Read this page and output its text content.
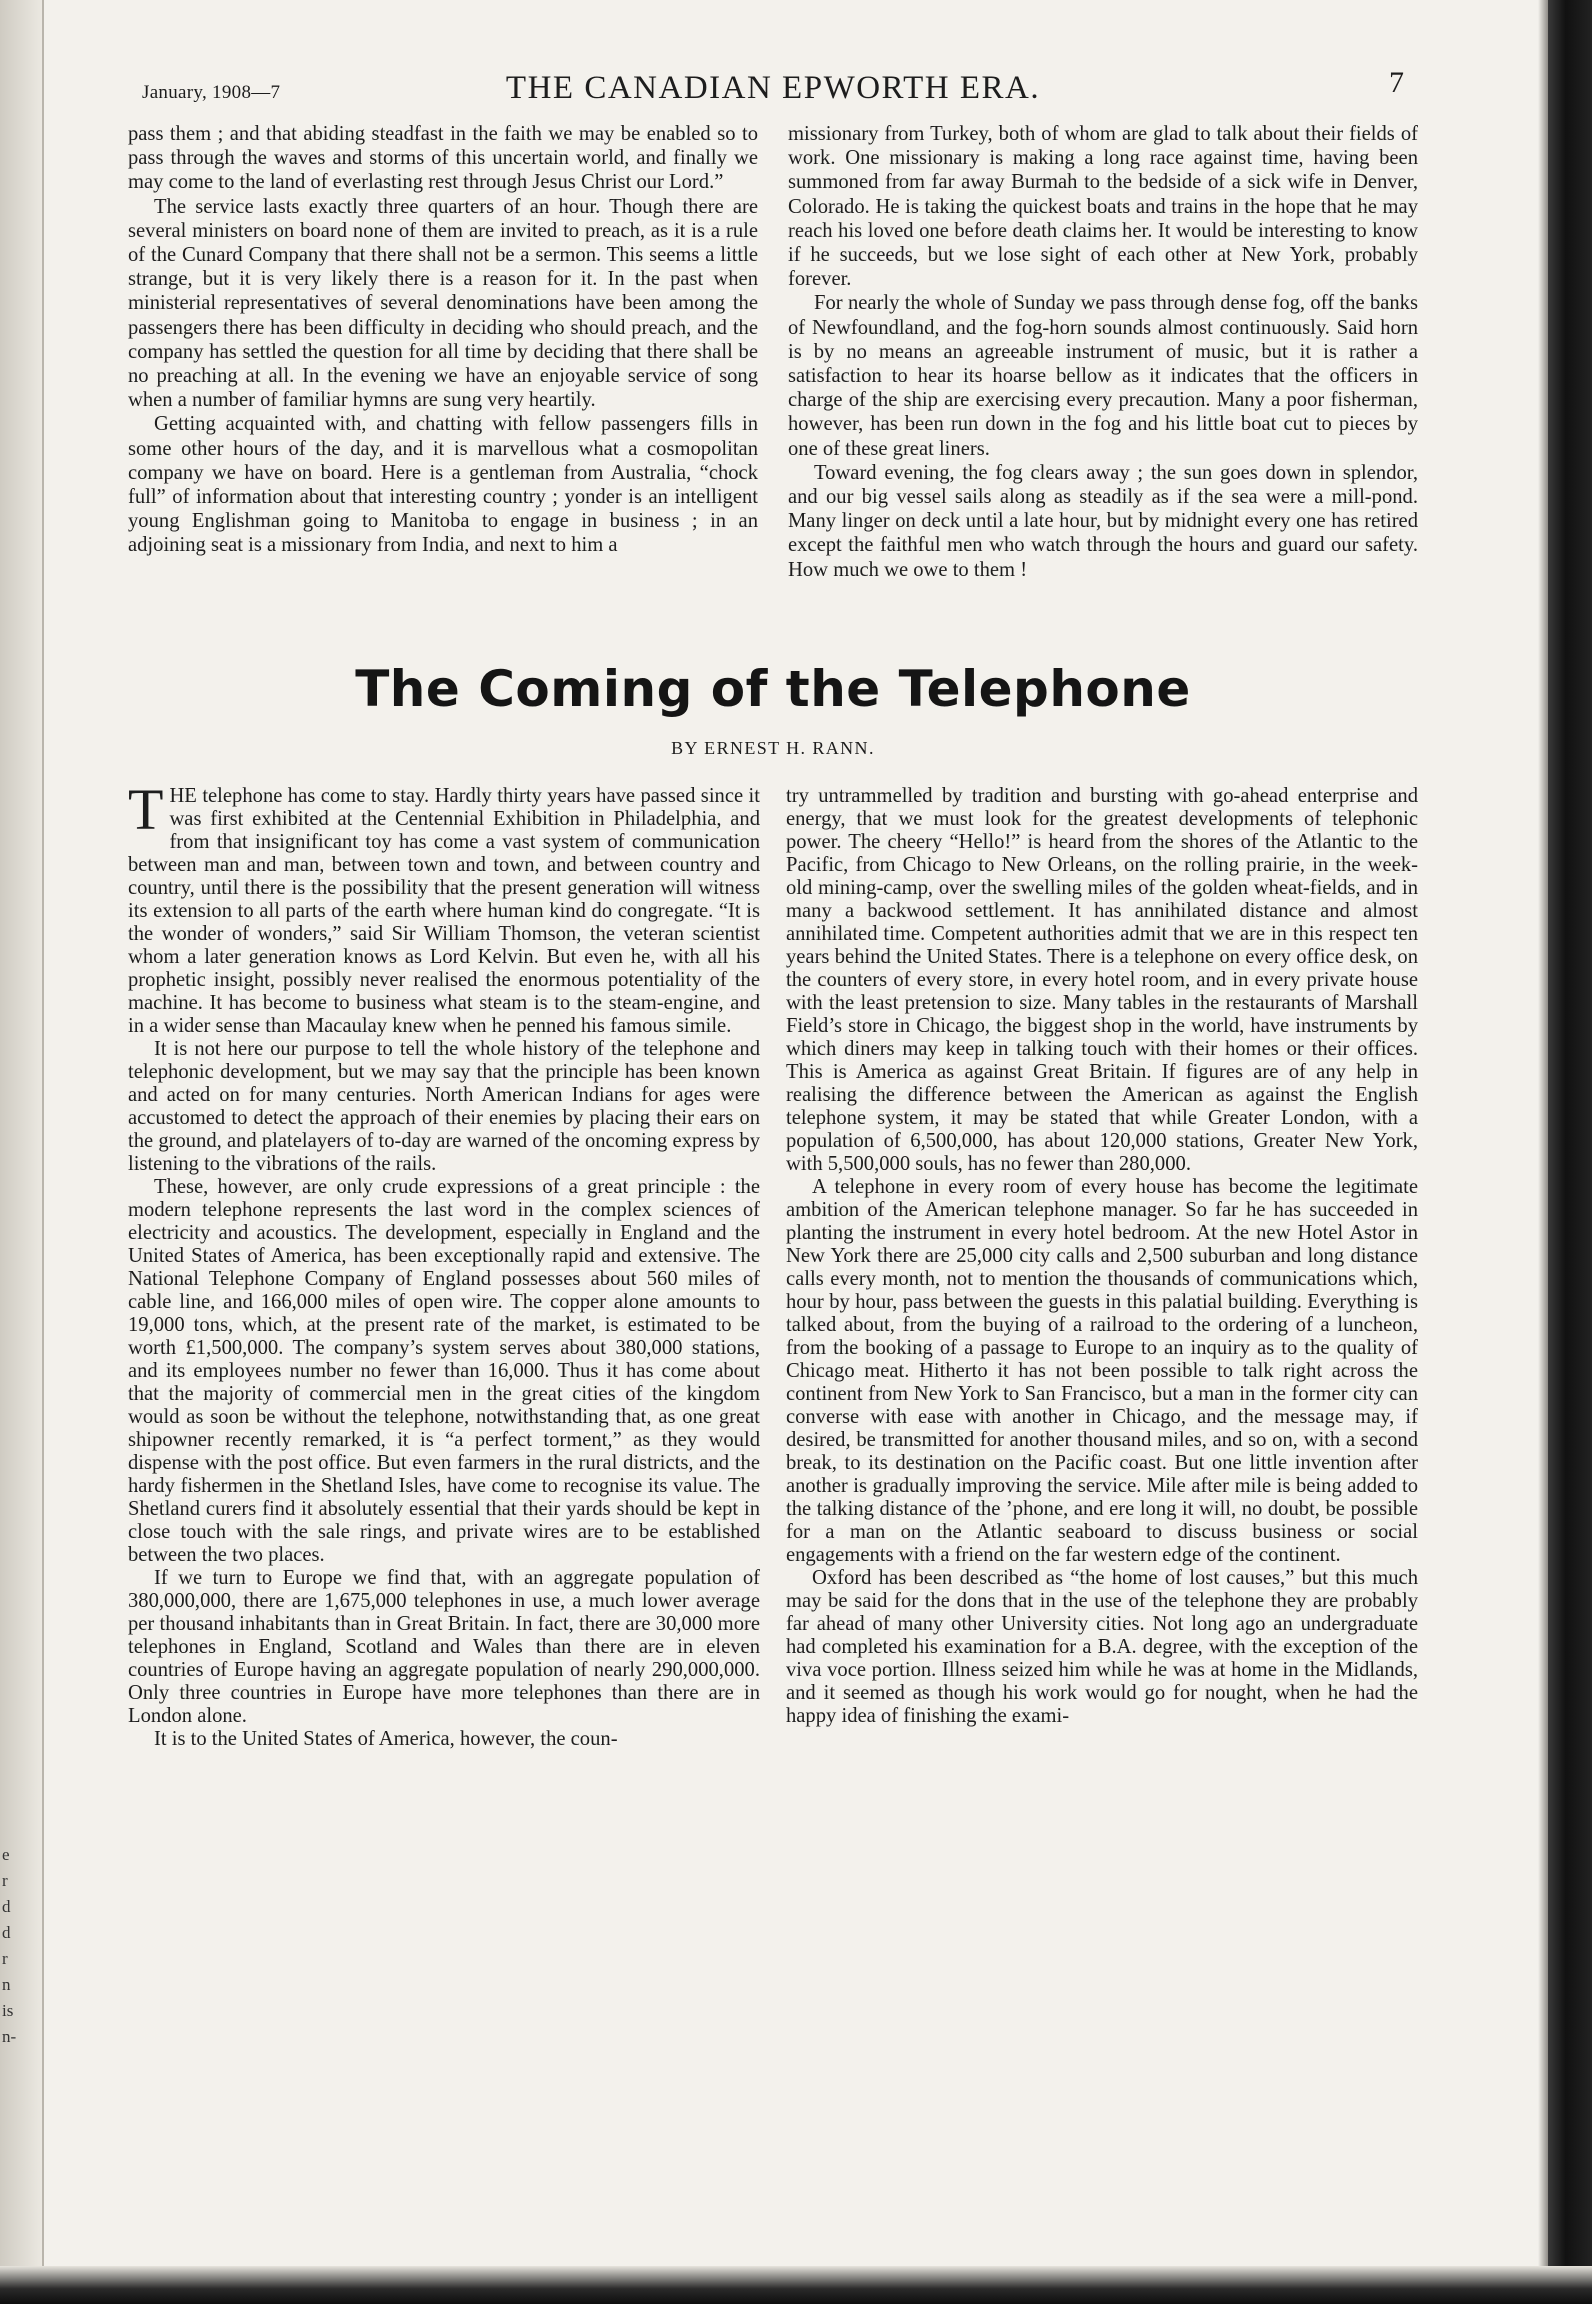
e
r
d
d
r
n
is
n-
January, 1908—7	THE CANADIAN EPWORTH ERA.	7

pass them ; and that abiding steadfast in the faith we may be enabled so to pass through the waves and storms of this uncertain world, and finally we may come to the land of everlasting rest through Jesus Christ our Lord.”

The service lasts exactly three quarters of an hour. Though there are several ministers on board none of them are invited to preach, as it is a rule of the Cunard Company that there shall not be a sermon. This seems a little strange, but it is very likely there is a reason for it. In the past when ministerial representatives of several denominations have been among the passengers there has been difficulty in deciding who should preach, and the company has settled the question for all time by deciding that there shall be no preaching at all. In the evening we have an enjoyable service of song when a number of familiar hymns are sung very heartily.

Getting acquainted with, and chatting with fellow passengers fills in some other hours of the day, and it is marvellous what a cosmopolitan company we have on board. Here is a gentleman from Australia, “chock full” of information about that interesting country ; yonder is an intelligent young Englishman going to Manitoba to engage in business ; in an adjoining seat is a missionary from India, and next to him a

missionary from Turkey, both of whom are glad to talk about their fields of work. One missionary is making a long race against time, having been summoned from far away Burmah to the bedside of a sick wife in Denver, Colorado. He is taking the quickest boats and trains in the hope that he may reach his loved one before death claims her. It would be interesting to know if he succeeds, but we lose sight of each other at New York, probably forever.

For nearly the whole of Sunday we pass through dense fog, off the banks of Newfoundland, and the fog-horn sounds almost continuously. Said horn is by no means an agreeable instrument of music, but it is rather a satisfaction to hear its hoarse bellow as it indicates that the officers in charge of the ship are exercising every precaution. Many a poor fisherman, however, has been run down in the fog and his little boat cut to pieces by one of these great liners.

Toward evening, the fog clears away ; the sun goes down in splendor, and our big vessel sails along as steadily as if the sea were a mill-pond. Many linger on deck until a late hour, but by midnight every one has retired except the faithful men who watch through the hours and guard our safety. How much we owe to them !

The Coming of the Telephone
BY ERNEST H. RANN.

THE telephone has come to stay. Hardly thirty years have passed since it was first exhibited at the Centennial Exhibition in Philadelphia, and from that insignificant toy has come a vast system of communication between man and man, between town and town, and between country and country, until there is the possibility that the present generation will witness its extension to all parts of the earth where human kind do congregate. “It is the wonder of wonders,” said Sir William Thomson, the veteran scientist whom a later generation knows as Lord Kelvin. But even he, with all his prophetic insight, possibly never realised the enormous potentiality of the machine. It has become to business what steam is to the steam-engine, and in a wider sense than Macaulay knew when he penned his famous simile.

It is not here our purpose to tell the whole history of the telephone and telephonic development, but we may say that the principle has been known and acted on for many centuries. North American Indians for ages were accustomed to detect the approach of their enemies by placing their ears on the ground, and platelayers of to-day are warned of the oncoming express by listening to the vibrations of the rails.

These, however, are only crude expressions of a great principle : the modern telephone represents the last word in the complex sciences of electricity and acoustics. The development, especially in England and the United States of America, has been exceptionally rapid and extensive. The National Telephone Company of England possesses about 560 miles of cable line, and 166,000 miles of open wire. The copper alone amounts to 19,000 tons, which, at the present rate of the market, is estimated to be worth £1,500,000. The company’s system serves about 380,000 stations, and its employees number no fewer than 16,000. Thus it has come about that the majority of commercial men in the great cities of the kingdom would as soon be without the telephone, notwithstanding that, as one great shipowner recently remarked, it is “a perfect torment,” as they would dispense with the post office. But even farmers in the rural districts, and the hardy fishermen in the Shetland Isles, have come to recognise its value. The Shetland curers find it absolutely essential that their yards should be kept in close touch with the sale rings, and private wires are to be established between the two places.

If we turn to Europe we find that, with an aggregate population of 380,000,000, there are 1,675,000 telephones in use, a much lower average per thousand inhabitants than in Great Britain. In fact, there are 30,000 more telephones in England, Scotland and Wales than there are in eleven countries of Europe having an aggregate population of nearly 290,000,000. Only three countries in Europe have more telephones than there are in London alone.

It is to the United States of America, however, the coun-

try untrammelled by tradition and bursting with go-ahead enterprise and energy, that we must look for the greatest developments of telephonic power. The cheery “Hello!” is heard from the shores of the Atlantic to the Pacific, from Chicago to New Orleans, on the rolling prairie, in the week-old mining-camp, over the swelling miles of the golden wheat-fields, and in many a backwood settlement. It has annihilated distance and almost annihilated time. Competent authorities admit that we are in this respect ten years behind the United States. There is a telephone on every office desk, on the counters of every store, in every hotel room, and in every private house with the least pretension to size. Many tables in the restaurants of Marshall Field’s store in Chicago, the biggest shop in the world, have instruments by which diners may keep in talking touch with their homes or their offices. This is America as against Great Britain. If figures are of any help in realising the difference between the American as against the English telephone system, it may be stated that while Greater London, with a population of 6,500,000, has about 120,000 stations, Greater New York, with 5,500,000 souls, has no fewer than 280,000.

A telephone in every room of every house has become the legitimate ambition of the American telephone manager. So far he has succeeded in planting the instrument in every hotel bedroom. At the new Hotel Astor in New York there are 25,000 city calls and 2,500 suburban and long distance calls every month, not to mention the thousands of communications which, hour by hour, pass between the guests in this palatial building. Everything is talked about, from the buying of a railroad to the ordering of a luncheon, from the booking of a passage to Europe to an inquiry as to the quality of Chicago meat. Hitherto it has not been possible to talk right across the continent from New York to San Francisco, but a man in the former city can converse with ease with another in Chicago, and the message may, if desired, be transmitted for another thousand miles, and so on, with a second break, to its destination on the Pacific coast. But one little invention after another is gradually improving the service. Mile after mile is being added to the talking distance of the ’phone, and ere long it will, no doubt, be possible for a man on the Atlantic seaboard to discuss business or social engagements with a friend on the far western edge of the continent.

Oxford has been described as “the home of lost causes,” but this much may be said for the dons that in the use of the telephone they are probably far ahead of many other University cities. Not long ago an undergraduate had completed his examination for a B.A. degree, with the exception of the viva voce portion. Illness seized him while he was at home in the Midlands, and it seemed as though his work would go for nought, when he had the happy idea of finishing the exami-
